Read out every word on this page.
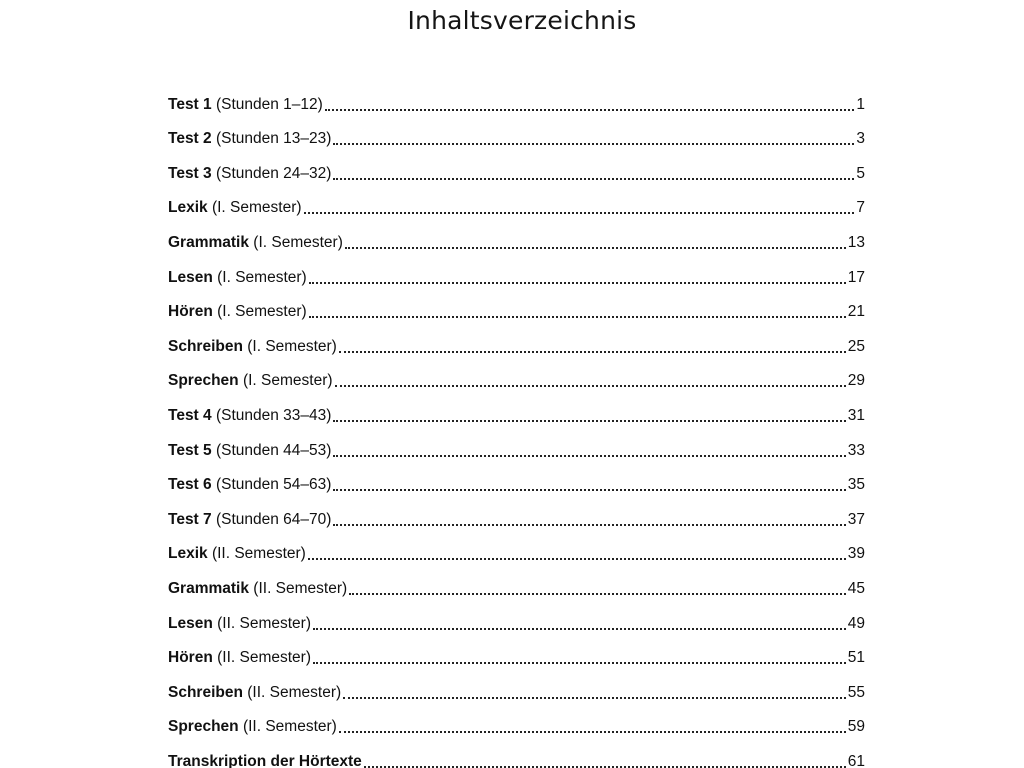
Inhaltsverzeichnis
Test 1 (Stunden 1–12)	1
Test 2 (Stunden 13–23)	3
Test 3 (Stunden 24–32)	5
Lexik (I. Semester)	7
Grammatik (I. Semester)	13
Lesen (I. Semester)	17
Hören (I. Semester)	21
Schreiben (I. Semester)	25
Sprechen (I. Semester)	29
Test 4 (Stunden 33–43)	31
Test 5 (Stunden 44–53)	33
Test 6 (Stunden 54–63)	35
Test 7 (Stunden 64–70)	37
Lexik (II. Semester)	39
Grammatik (II. Semester)	45
Lesen (II. Semester)	49
Hören (II. Semester)	51
Schreiben (II. Semester)	55
Sprechen (II. Semester)	59
Transkription der Hörtexte	61
